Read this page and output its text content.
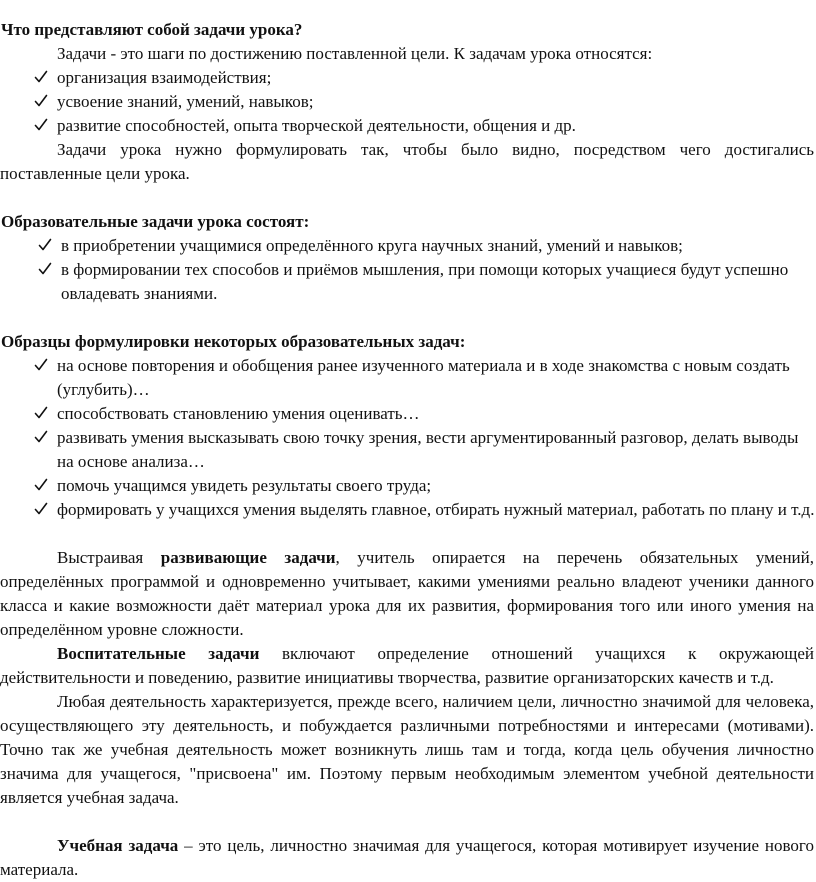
Что представляют собой задачи урока?

Задачи - это шаги по достижению поставленной цели. К задачам урока относятся:

организация взаимодействия;
усвоение знаний, умений, навыков;
развитие способностей, опыта творческой деятельности, общения и др.

Задачи урока нужно формулировать так, чтобы было видно, посредством чего достигались поставленные цели урока.

Образовательные задачи урока состоят:

в приобретении учащимися определённого круга научных знаний, умений и навыков;
в формировании тех способов и приёмов мышления, при помощи которых учащиеся будут успешно овладевать знаниями.

Образцы формулировки некоторых образовательных задач:

на основе повторения и обобщения ранее изученного материала и в ходе знакомства с новым создать (углубить)…
способствовать становлению умения оценивать…
развивать умения высказывать свою точку зрения, вести аргументированный разговор, делать выводы на основе анализа…
помочь учащимся увидеть результаты своего труда;
формировать у учащихся умения выделять главное, отбирать нужный материал, работать по плану и т.д.

Выстраивая развивающие задачи, учитель опирается на перечень обязательных умений, определённых программой и одновременно учитывает, какими умениями реально владеют ученики данного класса и какие возможности даёт материал урока для их развития, формирования того или иного умения на определённом уровне сложности.

Воспитательные задачи включают определение отношений учащихся к окружающей действительности и поведению, развитие инициативы творчества, развитие организаторских качеств и т.д.

Любая деятельность характеризуется, прежде всего, наличием цели, личностно значимой для человека, осуществляющего эту деятельность, и побуждается различными потребностями и интересами (мотивами). Точно так же учебная деятельность может возникнуть лишь там и тогда, когда цель обучения личностно значима для учащегося, "присвоена" им. Поэтому первым необходимым элементом учебной деятельности является учебная задача.

Учебная задача – это цель, личностно значимая для учащегося, которая мотивирует изучение нового материала.
